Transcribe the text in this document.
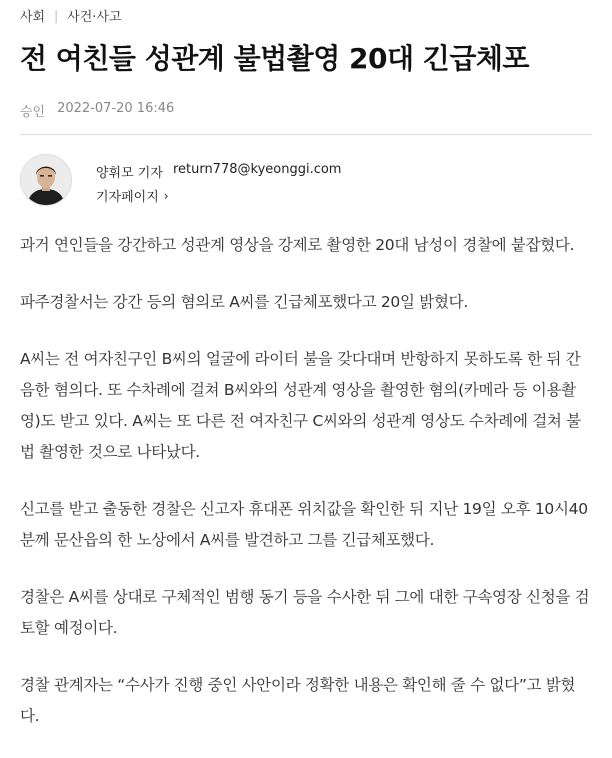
사회 | 사건·사고
전 여친들 성관계 불법촬영 20대 긴급체포
승인 2022-07-20 16:46
양휘모 기자 return778@kyeonggi.com
기자페이지 ›

과거 연인들을 강간하고 성관계 영상을 강제로 촬영한 20대 남성이 경찰에 붙잡혔다.

파주경찰서는 강간 등의 혐의로 A씨를 긴급체포했다고 20일 밝혔다.

A씨는 전 여자친구인 B씨의 얼굴에 라이터 불을 갖다대며 반항하지 못하도록 한 뒤 간음한 혐의다. 또 수차례에 걸쳐 B씨와의 성관계 영상을 촬영한 혐의(카메라 등 이용촬영)도 받고 있다. A씨는 또 다른 전 여자친구 C씨와의 성관계 영상도 수차례에 걸쳐 불법 촬영한 것으로 나타났다.

신고를 받고 출동한 경찰은 신고자 휴대폰 위치값을 확인한 뒤 지난 19일 오후 10시40분께 문산읍의 한 노상에서 A씨를 발견하고 그를 긴급체포했다.

경찰은 A씨를 상대로 구체적인 범행 동기 등을 수사한 뒤 그에 대한 구속영장 신청을 검토할 예정이다.

경찰 관계자는 “수사가 진행 중인 사안이라 정확한 내용은 확인해 줄 수 없다”고 밝혔다.
